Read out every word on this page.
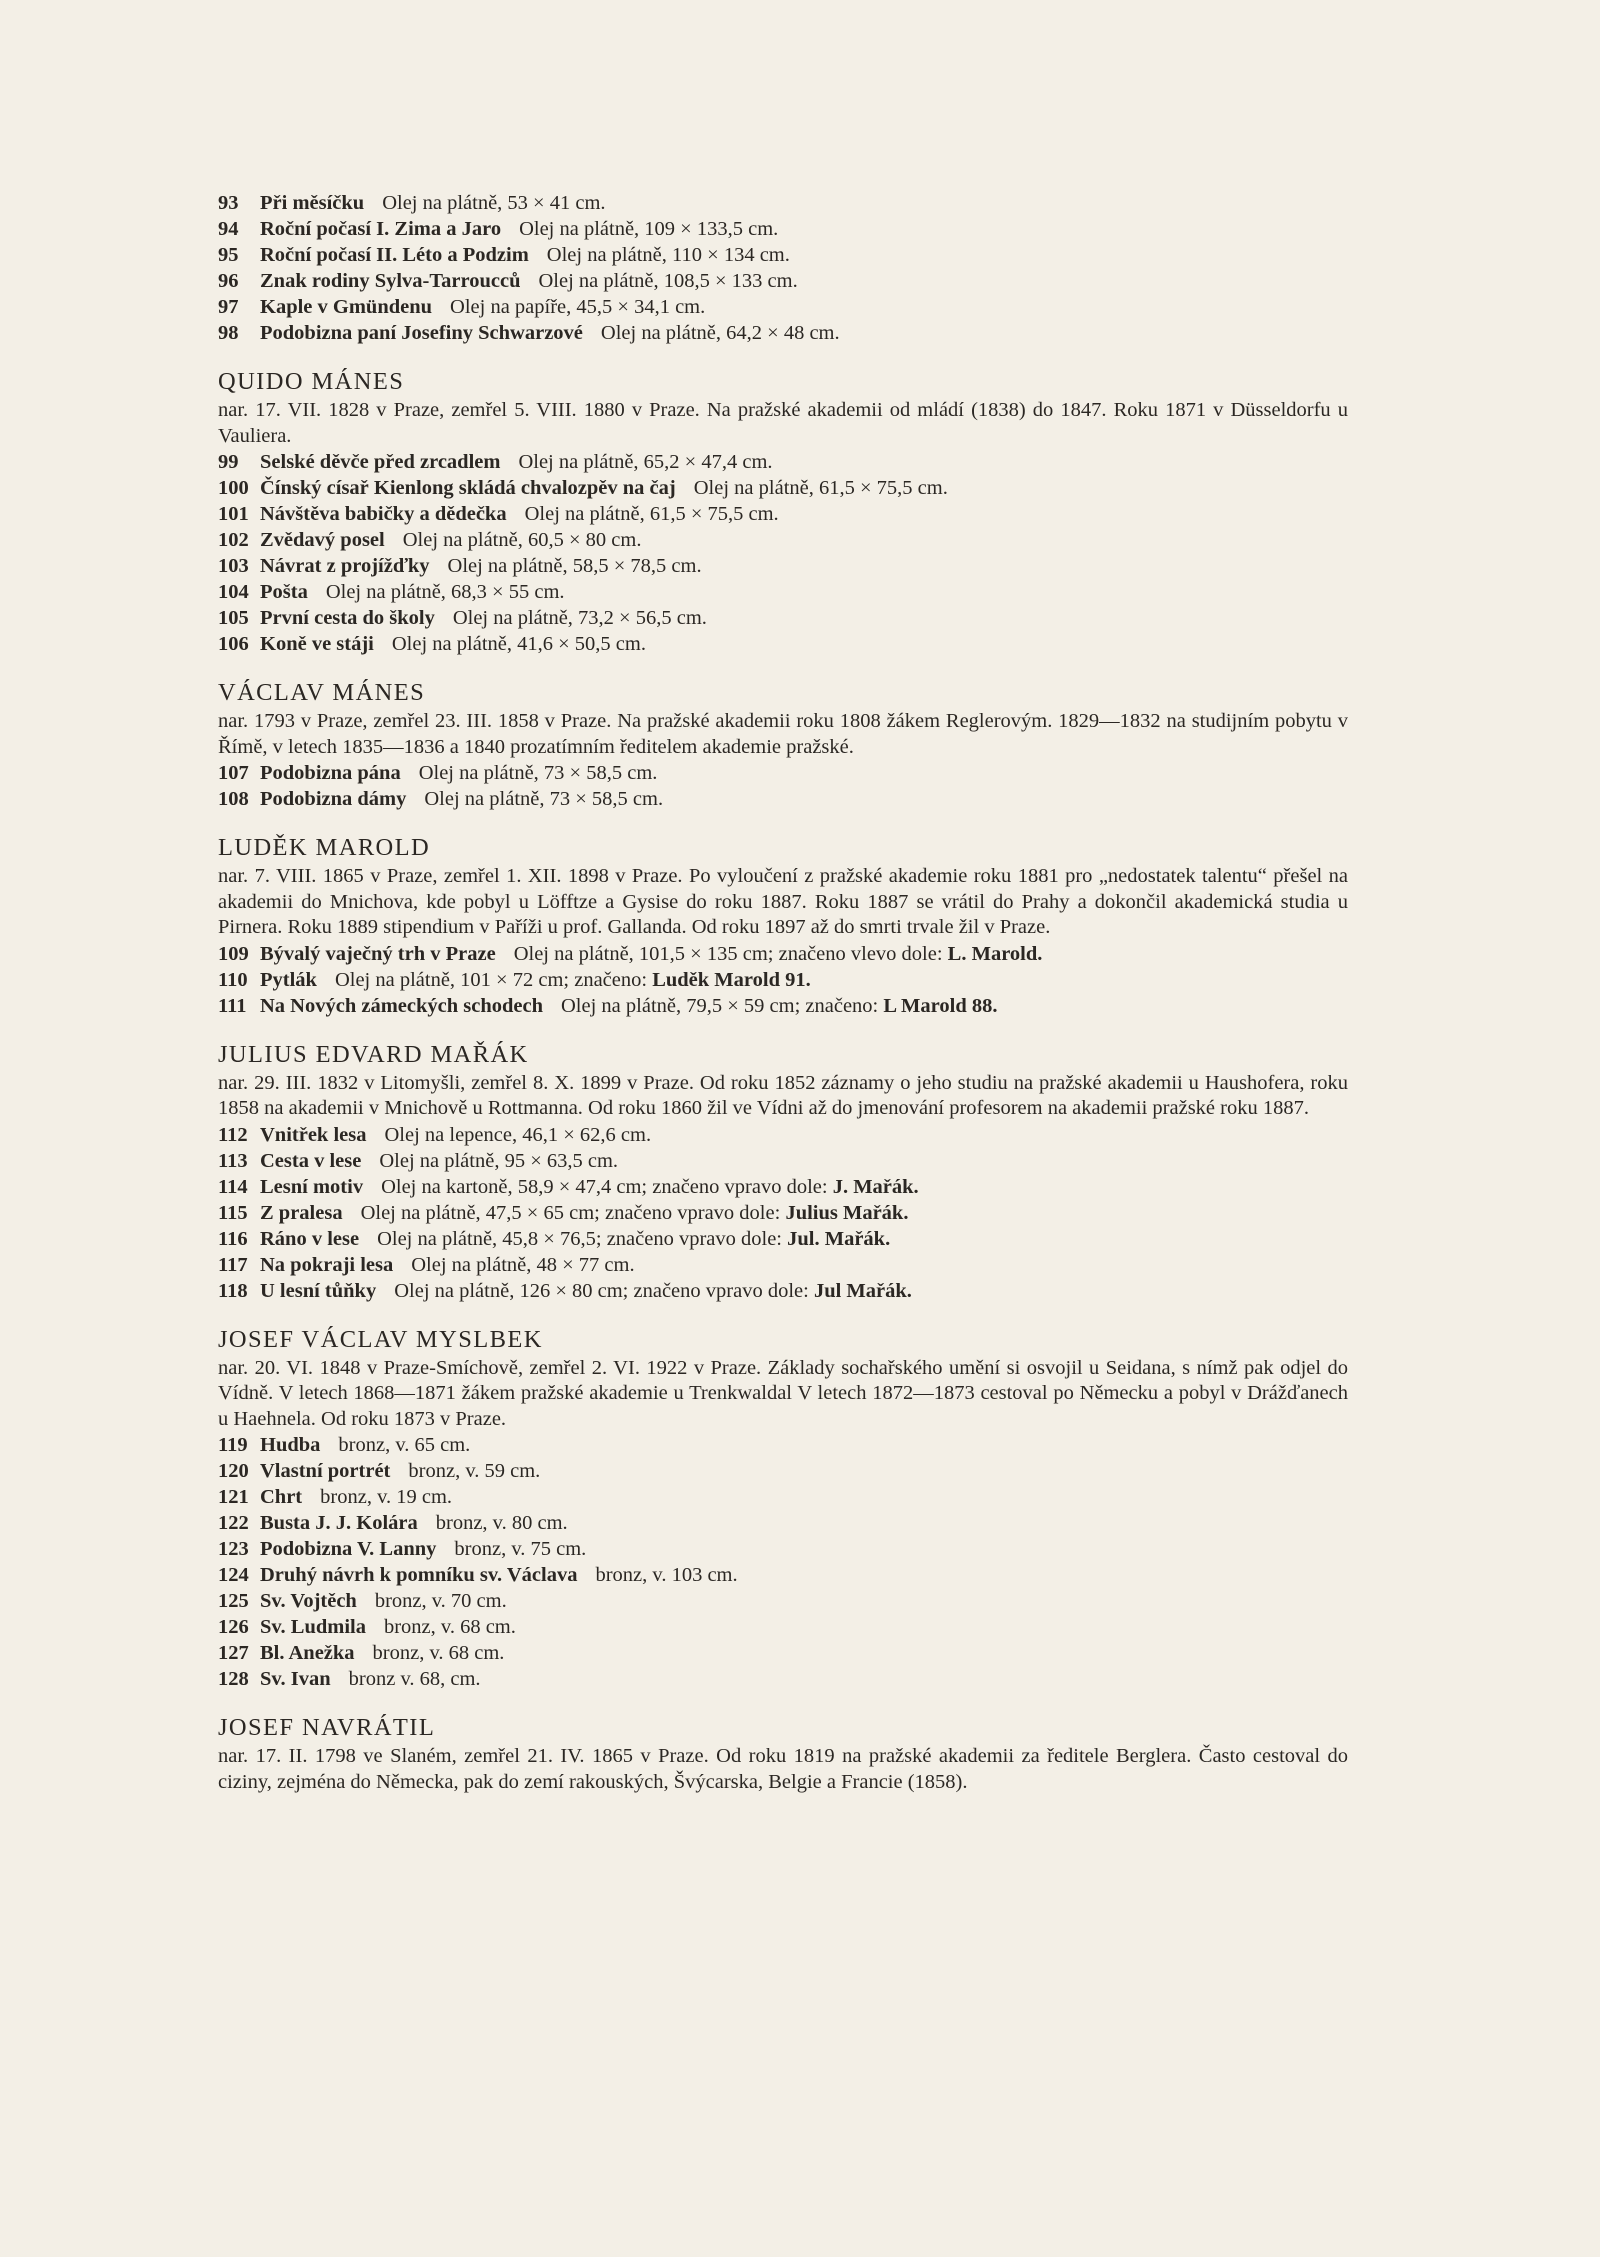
93 Při měsíčku Olej na plátně, 53 × 41 cm.
94 Roční počasí I. Zima a Jaro Olej na plátně, 109 × 133,5 cm.
95 Roční počasí II. Léto a Podzim Olej na plátně, 110 × 134 cm.
96 Znak rodiny Sylva-Tarroucců Olej na plátně, 108,5 × 133 cm.
97 Kaple v Gmündenu Olej na papíře, 45,5 × 34,1 cm.
98 Podobizna paní Josefiny Schwarzové Olej na plátně, 64,2 × 48 cm.
QUIDO MÁNES

nar. 17. VII. 1828 v Praze, zemřel 5. VIII. 1880 v Praze. Na pražské akademii od mládí (1838) do 1847. Roku 1871 v Düsseldorfu u Vauliera.

99 Selské děvče před zrcadlem Olej na plátně, 65,2 × 47,4 cm.
100 Čínský císař Kienlong skládá chvalozpěv na čaj Olej na plátně, 61,5 × 75,5 cm.
101 Návštěva babičky a dědečka Olej na plátně, 61,5 × 75,5 cm.
102 Zvědavý posel Olej na plátně, 60,5 × 80 cm.
103 Návrat z projížďky Olej na plátně, 58,5 × 78,5 cm.
104 Pošta Olej na plátně, 68,3 × 55 cm.
105 První cesta do školy Olej na plátně, 73,2 × 56,5 cm.
106 Koně ve stáji Olej na plátně, 41,6 × 50,5 cm.
VÁCLAV MÁNES

nar. 1793 v Praze, zemřel 23. III. 1858 v Praze. Na pražské akademii roku 1808 žákem Reglerovým. 1829—1832 na studijním pobytu v Římě, v letech 1835—1836 a 1840 prozatímním ředitelem akademie pražské.

107 Podobizna pána Olej na plátně, 73 × 58,5 cm.
108 Podobizna dámy Olej na plátně, 73 × 58,5 cm.
LUDĚK MAROLD

nar. 7. VIII. 1865 v Praze, zemřel 1. XII. 1898 v Praze. Po vyloučení z pražské akademie roku 1881 pro „nedostatek talentu“ přešel na akademii do Mnichova, kde pobyl u Löfftze a Gysise do roku 1887. Roku 1887 se vrátil do Prahy a dokončil akademická studia u Pirnera. Roku 1889 stipendium v Paříži u prof. Gallanda. Od roku 1897 až do smrti trvale žil v Praze.

109 Bývalý vaječný trh v Praze Olej na plátně, 101,5 × 135 cm; značeno vlevo dole: L. Marold.
110 Pytlák Olej na plátně, 101 × 72 cm; značeno: Luděk Marold 91.
111 Na Nových zámeckých schodech Olej na plátně, 79,5 × 59 cm; značeno: L Marold 88.
JULIUS EDVARD MAŘÁK

nar. 29. III. 1832 v Litomyšli, zemřel 8. X. 1899 v Praze. Od roku 1852 záznamy o jeho studiu na pražské akademii u Haushofera, roku 1858 na akademii v Mnichově u Rottmanna. Od roku 1860 žil ve Vídni až do jmenování profesorem na akademii pražské roku 1887.

112 Vnitřek lesa Olej na lepence, 46,1 × 62,6 cm.
113 Cesta v lese Olej na plátně, 95 × 63,5 cm.
114 Lesní motiv Olej na kartoně, 58,9 × 47,4 cm; značeno vpravo dole: J. Mařák.
115 Z pralesa Olej na plátně, 47,5 × 65 cm; značeno vpravo dole: Julius Mařák.
116 Ráno v lese Olej na plátně, 45,8 × 76,5; značeno vpravo dole: Jul. Mařák.
117 Na pokraji lesa Olej na plátně, 48 × 77 cm.
118 U lesní tůňky Olej na plátně, 126 × 80 cm; značeno vpravo dole: Jul Mařák.
JOSEF VÁCLAV MYSLBEK

nar. 20. VI. 1848 v Praze-Smíchově, zemřel 2. VI. 1922 v Praze. Základy sochařského umění si osvojil u Seidana, s nímž pak odjel do Vídně. V letech 1868—1871 žákem pražské akademie u Trenkwaldal V letech 1872—1873 cestoval po Německu a pobyl v Drážďanech u Haehnela. Od roku 1873 v Praze.

119 Hudba bronz, v. 65 cm.
120 Vlastní portrét bronz, v. 59 cm.
121 Chrt bronz, v. 19 cm.
122 Busta J. J. Kolára bronz, v. 80 cm.
123 Podobizna V. Lanny bronz, v. 75 cm.
124 Druhý návrh k pomníku sv. Václava bronz, v. 103 cm.
125 Sv. Vojtěch bronz, v. 70 cm.
126 Sv. Ludmila bronz, v. 68 cm.
127 Bl. Anežka bronz, v. 68 cm.
128 Sv. Ivan bronz v. 68, cm.
JOSEF NAVRÁTIL

nar. 17. II. 1798 ve Slaném, zemřel 21. IV. 1865 v Praze. Od roku 1819 na pražské akademii za ředitele Berglera. Často cestoval do ciziny, zejména do Německa, pak do zemí rakouských, Švýcarska, Belgie a Francie (1858).
